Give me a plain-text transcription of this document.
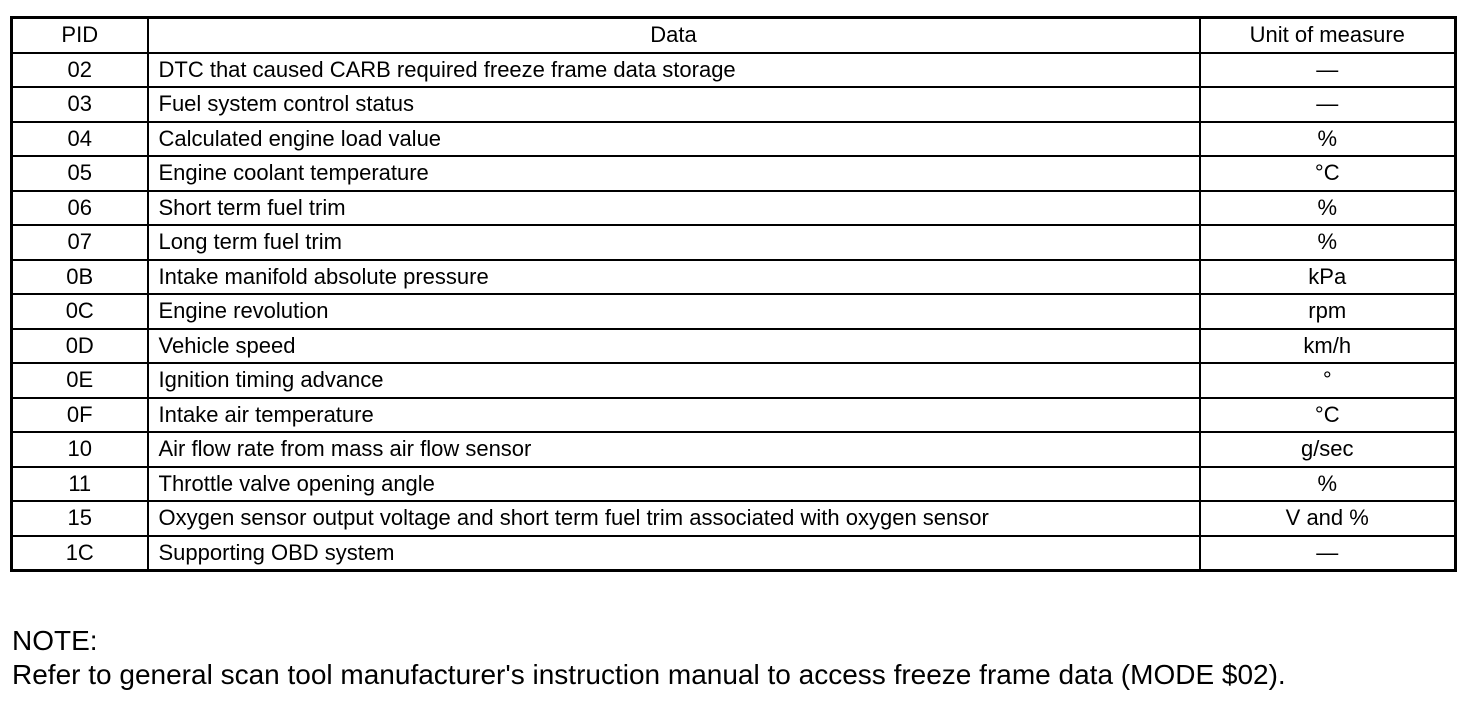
PID	Data	Unit of measure
02	DTC that caused CARB required freeze frame data storage	—
03	Fuel system control status	—
04	Calculated engine load value	%
05	Engine coolant temperature	°C
06	Short term fuel trim	%
07	Long term fuel trim	%
0B	Intake manifold absolute pressure	kPa
0C	Engine revolution	rpm
0D	Vehicle speed	km/h
0E	Ignition timing advance	°
0F	Intake air temperature	°C
10	Air flow rate from mass air flow sensor	g/sec
11	Throttle valve opening angle	%
15	Oxygen sensor output voltage and short term fuel trim associated with oxygen sensor	V and %
1C	Supporting OBD system	—
NOTE:
Refer to general scan tool manufacturer's instruction manual to access freeze frame data (MODE $02).
